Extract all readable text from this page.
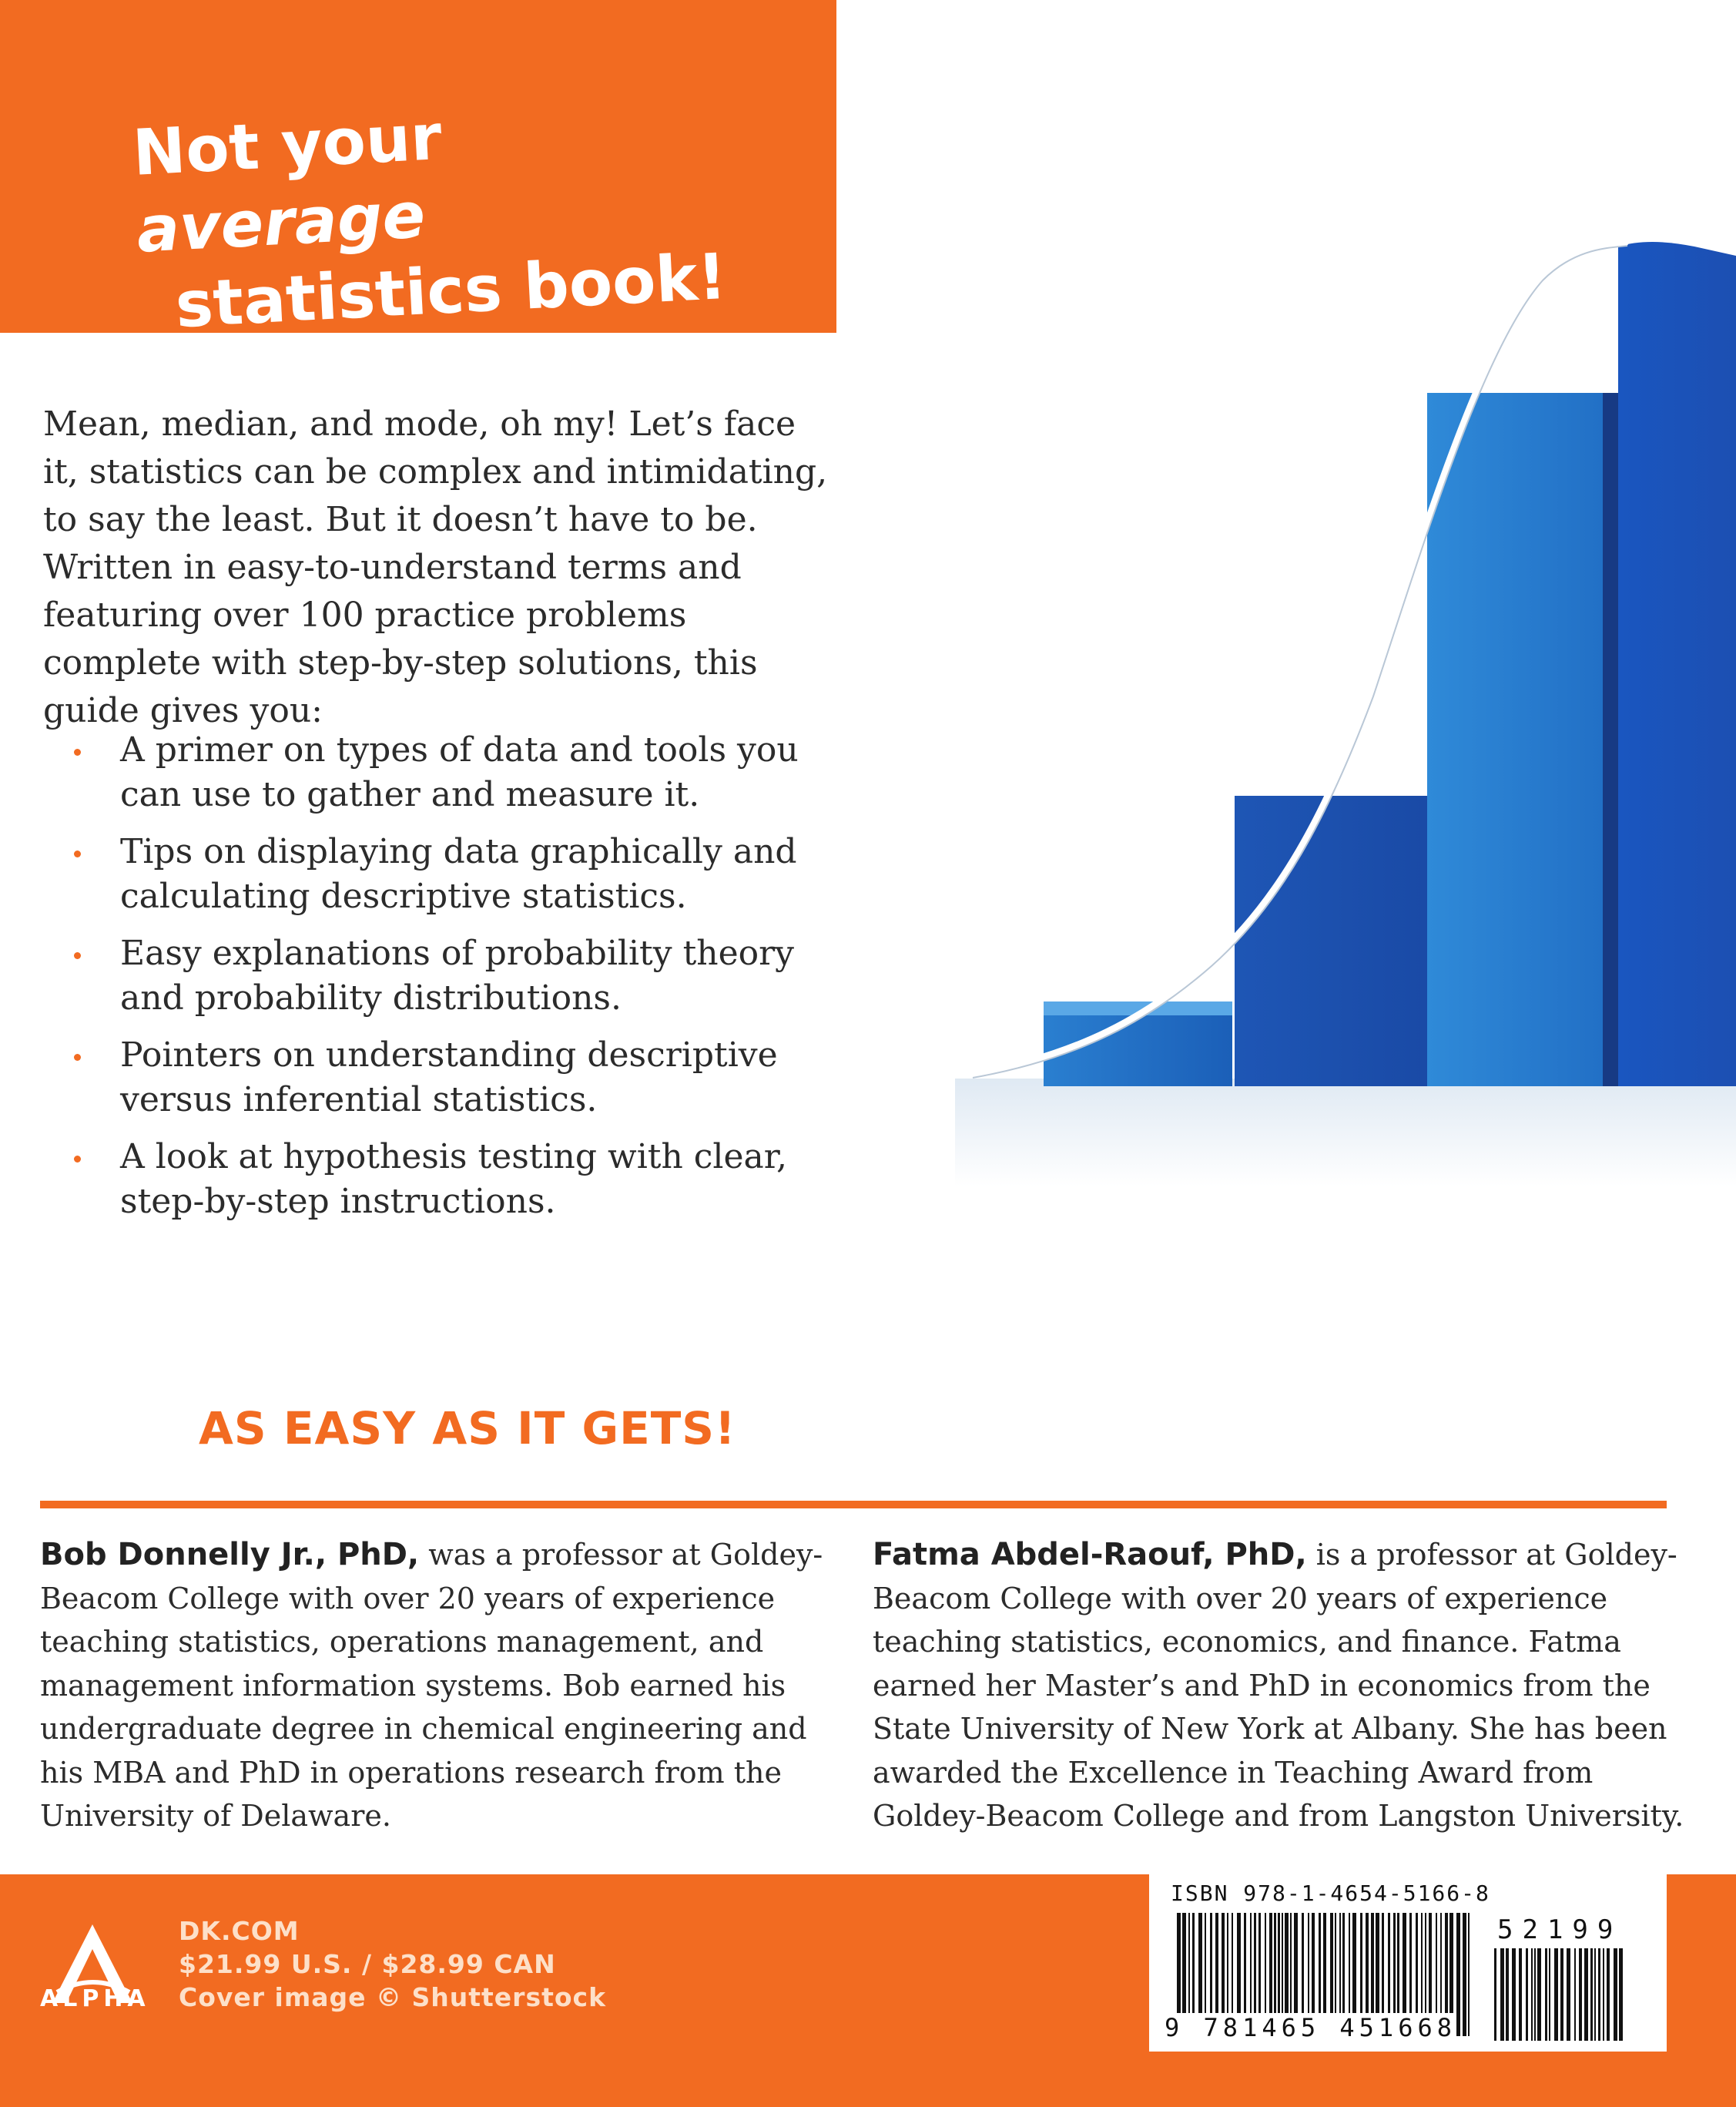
Not your average
statistics book!

Mean, median, and mode, oh my! Let’s face it, statistics can be complex and intimidating, to say the least. But it doesn’t have to be. Written in easy-to-understand terms and featuring over 100 practice problems complete with step-by-step solutions, this guide gives you:

A primer on types of data and tools you can use to gather and measure it.
Tips on displaying data graphically and calculating descriptive statistics.
Easy explanations of probability theory and probability distributions.
Pointers on understanding descriptive versus inferential statistics.
A look at hypothesis testing with clear, step-by-step instructions.
AS EASY AS IT GETS!

Bob Donnelly Jr., PhD, was a professor at Goldey-Beacom College with over 20 years of experience teaching statistics, operations management, and management information systems. Bob earned his undergraduate degree in chemical engineering and his MBA and PhD in operations research from the University of Delaware.

Fatma Abdel-Raouf, PhD, is a professor at Goldey-Beacom College with over 20 years of experience teaching statistics, economics, and finance. Fatma earned her Master’s and PhD in economics from the State University of New York at Albany. She has been awarded the Excellence in Teaching Award from Goldey-Beacom College and from Langston University.

ALPHA
DK.COM
$21.99 U.S. / $28.99 CAN
Cover image © Shutterstock
ISBN 978-1-4654-5166-8
9 781465 451668
52199
